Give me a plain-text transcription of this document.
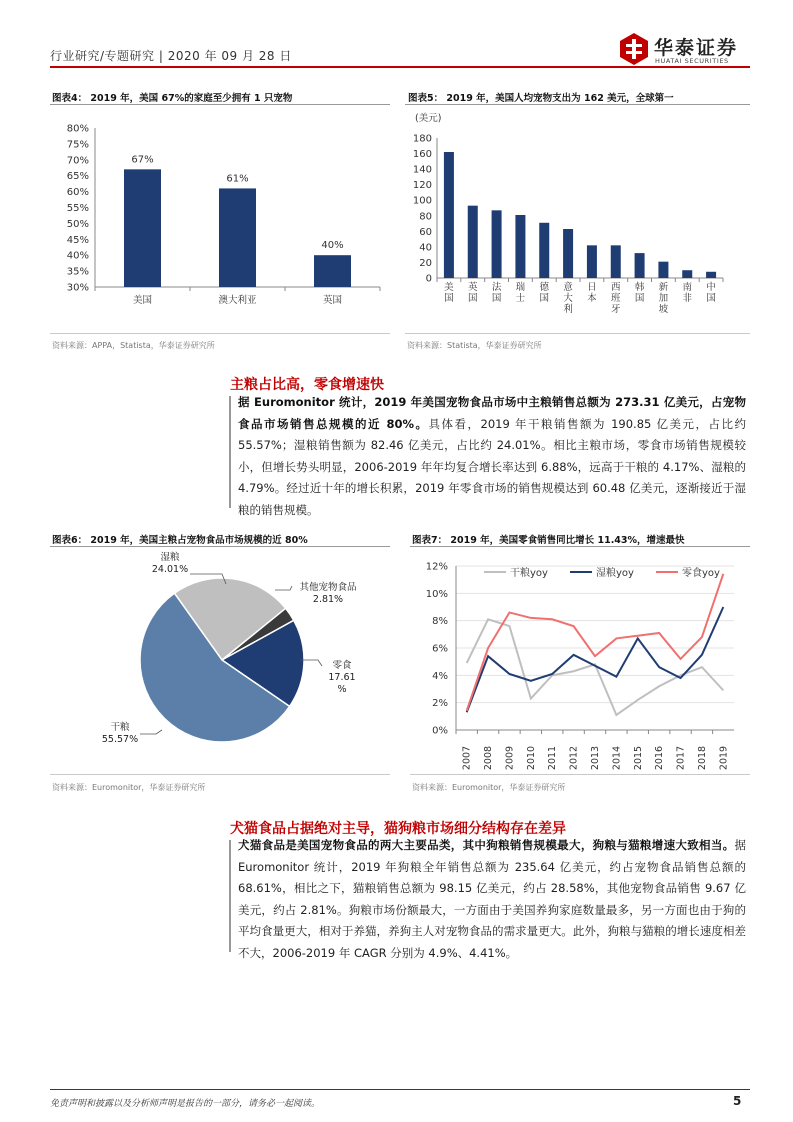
行业研究/专题研究 | 2020 年 09 月 28 日	华泰证券
HUATAI SECURITIES
图表4： 2019 年，美国 67%的家庭至少拥有 1 只宠物
30%
35%
40%
45%
50%
55%
60%
65%
70%
75%
80%
67%
美国
61%
澳大利亚
40%
英国
资料来源：APPA，Statista，华泰证券研究所
图表5： 2019 年，美国人均宠物支出为 162 美元，全球第一
(美元)
0
20
40
60
80
100
120
140
160
180
美国
英国
法国
瑞士
德国
意大利
日本
西班牙
韩国
新加坡
南非
中国
资料来源：Statista，华泰证券研究所
主粮占比高，零食增速快
据 Euromonitor 统计，2019 年美国宠物食品市场中主粮销售总额为 273.31 亿美元，占宠物食品市场销售总规模的近 80%。具体看，2019 年干粮销售额为 190.85 亿美元，占比约 55.57%；湿粮销售额为 82.46 亿美元，占比约 24.01%。相比主粮市场，零食市场销售规模较小，但增长势头明显，2006-2019 年年均复合增长率达到 6.88%，远高于干粮的 4.17%、湿粮的 4.79%。经过近十年的增长积累，2019 年零食市场的销售规模达到 60.48 亿美元，逐渐接近于湿粮的销售规模。
图表6： 2019 年，美国主粮占宠物食品市场规模的近 80%
湿粮 24.01%
其他宠物食品 2.81%
零食 17.61 %
干粮 55.57%
资料来源：Euromonitor，华泰证券研究所
图表7： 2019 年，美国零食销售同比增长 11.43%，增速最快
0%
2%
4%
6%
8%
10%
12%
2007 2008 2009 2010 2011 2012 2013 2014 2015 2016 2017 2018 2019
干粮yoy	湿粮yoy	零食yoy
资料来源：Euromonitor，华泰证券研究所
犬猫食品占据绝对主导，猫狗粮市场细分结构存在差异
犬猫食品是美国宠物食品的两大主要品类，其中狗粮销售规模最大，狗粮与猫粮增速大致相当。据 Euromonitor 统计，2019 年狗粮全年销售总额为 235.64 亿美元，约占宠物食品销售总额的 68.61%，相比之下，猫粮销售总额为 98.15 亿美元，约占 28.58%，其他宠物食品销售 9.67 亿美元，约占 2.81%。狗粮市场份额最大，一方面由于美国养狗家庭数量最多，另一方面也由于狗的平均食量更大，相对于养猫，养狗主人对宠物食品的需求量更大。此外，狗粮与猫粮的增长速度相差不大，2006-2019 年 CAGR 分别为 4.9%、4.41%。
免责声明和披露以及分析师声明是报告的一部分，请务必一起阅读。	5
